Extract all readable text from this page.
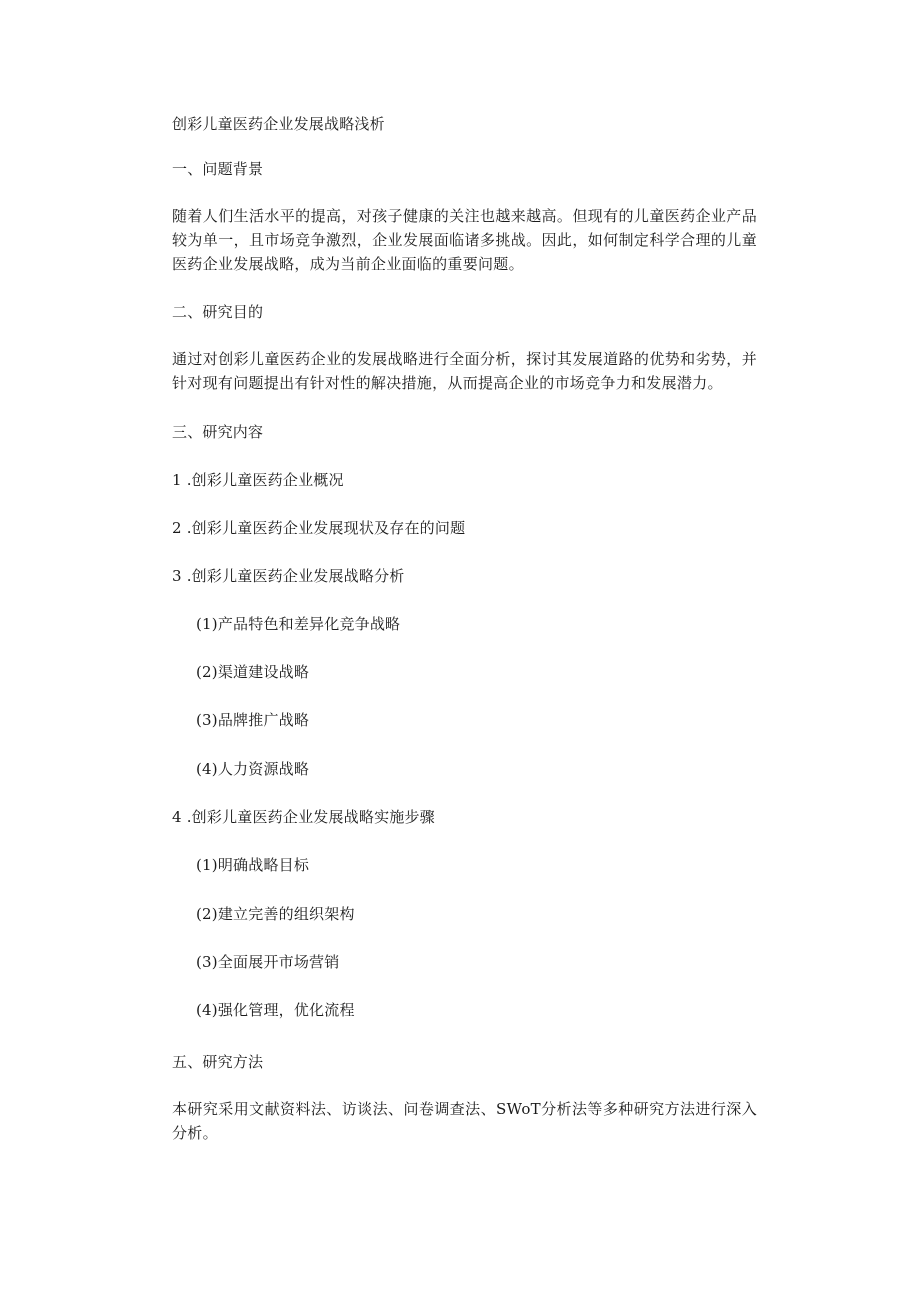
创彩儿童医药企业发展战略浅析
一、问题背景
随着人们生活水平的提高，对孩子健康的关注也越来越高。但现有的儿童医药企业产品较为单一，且市场竞争激烈，企业发展面临诸多挑战。因此，如何制定科学合理的儿童医药企业发展战略，成为当前企业面临的重要问题。
二、研究目的
通过对创彩儿童医药企业的发展战略进行全面分析，探讨其发展道路的优势和劣势，并针对现有问题提出有针对性的解决措施，从而提高企业的市场竞争力和发展潜力。
三、研究内容
1 .创彩儿童医药企业概况
2 .创彩儿童医药企业发展现状及存在的问题
3 .创彩儿童医药企业发展战略分析
(1)产品特色和差异化竞争战略
(2)渠道建设战略
(3)品牌推广战略
(4)人力资源战略
4 .创彩儿童医药企业发展战略实施步骤
(1)明确战略目标
(2)建立完善的组织架构
(3)全面展开市场营销
(4)强化管理，优化流程
五、研究方法
本研究采用文献资料法、访谈法、问卷调查法、SWoT分析法等多种研究方法进行深入分析。
